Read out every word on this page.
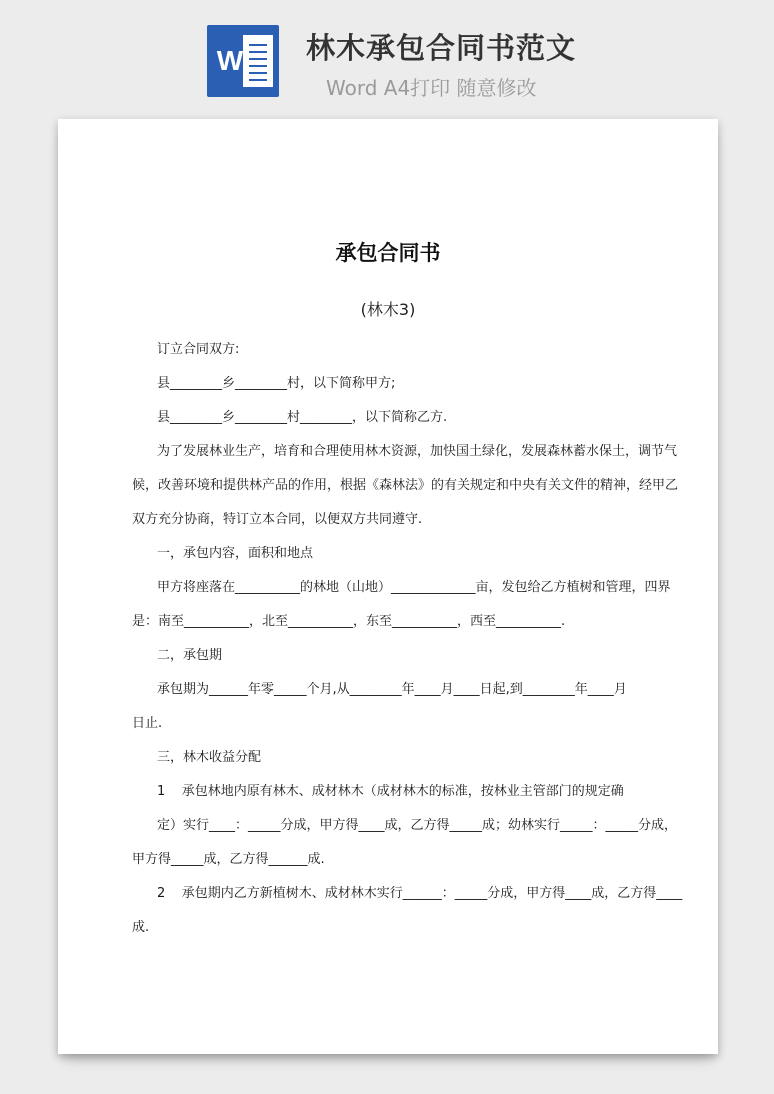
W 林木承包合同书范文
Word A4打印 随意修改
承包合同书
(林木3)
订立合同双方:
县________乡________村，以下简称甲方;
县________乡________村________，以下简称乙方.
为了发展林业生产，培育和合理使用林木资源，加快国土绿化，发展森林蓄水保土，调节气
候，改善环境和提供林产品的作用，根据《森林法》的有关规定和中央有关文件的精神，经甲乙
双方充分协商，特订立本合同，以便双方共同遵守.
一，承包内容，面积和地点
甲方将座落在__________的林地（山地）_____________亩，发包给乙方植树和管理，四界
是：南至__________，北至__________，东至__________，西至__________.
二，承包期
承包期为______年零_____个月,从________年____月____日起,到________年____月
日止.
三，林木收益分配
1    承包林地内原有林木、成材林木（成材林木的标准，按林业主管部门的规定确
定）实行____：_____分成，甲方得____成，乙方得_____成；幼林实行_____：_____分成，
甲方得_____成，乙方得______成.
2    承包期内乙方新植树木、成材林木实行______：_____分成，甲方得____成，乙方得____
成.
